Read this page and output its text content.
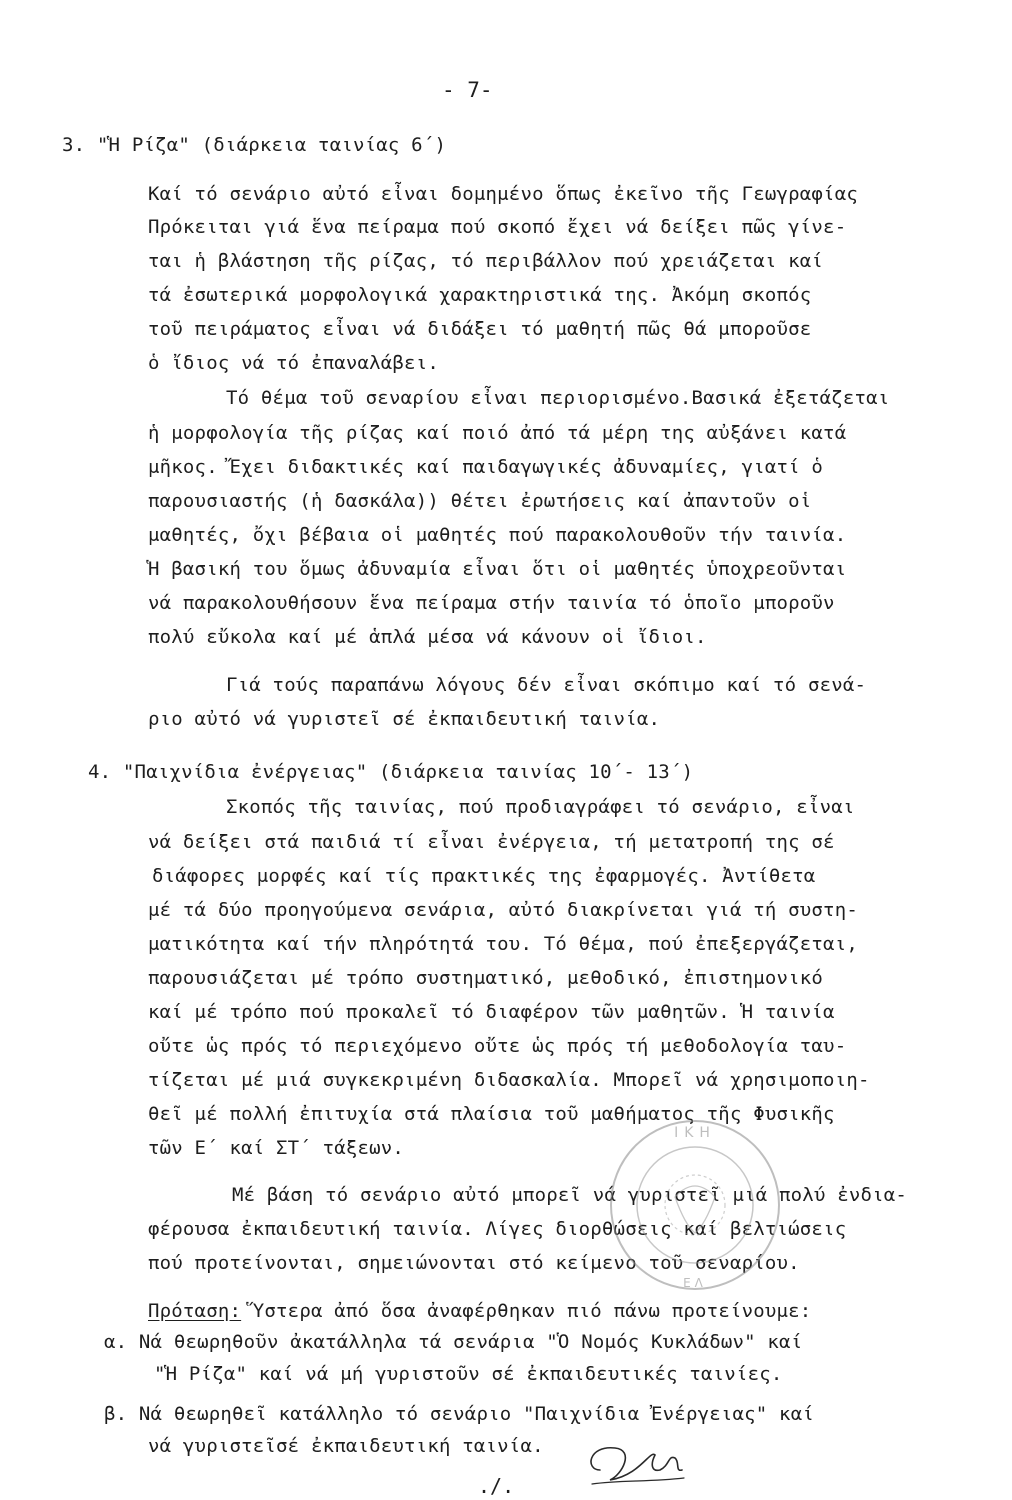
- 7-
3. "Ἡ Ρίζα" (διάρκεια ταινίας 6΄)
Καί τό σενάριο αὐτό εἶναι δομημένο ὅπως ἐκεῖνο τῆς Γεωγραφίας
Πρόκειται γιά ἕνα πείραμα πού σκοπό ἔχει νά δείξει πῶς γίνε-
ται ἡ βλάστηση τῆς ρίζας, τό περιβάλλον πού χρειάζεται καί
τά ἐσωτερικά μορφολογικά χαρακτηριστικά της. Ἀκόμη σκοπός
τοῦ πειράματος εἶναι νά διδάξει τό μαθητή πῶς θά μποροῦσε
ὁ ἴδιος νά τό ἐπαναλάβει.
Τό θέμα τοῦ σεναρίου εἶναι περιορισμένο.Βασικά ἐξετάζεται
ἡ μορφολογία τῆς ρίζας καί ποιό ἀπό τά μέρη της αὐξάνει κατά
μῆκος. Ἔχει διδακτικές καί παιδαγωγικές ἀδυναμίες, γιατί ὁ
παρουσιαστής (ἡ δασκάλα)) θέτει ἐρωτήσεις καί ἀπαντοῦν οἱ
μαθητές, ὄχι βέβαια οἱ μαθητές πού παρακολουθοῦν τήν ταινία.
Ἡ βασική του ὅμως ἀδυναμία εἶναι ὅτι οἱ μαθητές ὑποχρεοῦνται
νά παρακολουθήσουν ἕνα πείραμα στήν ταινία τό ὁποῖο μποροῦν
πολύ εὔκολα καί μέ ἁπλά μέσα νά κάνουν οἱ ἴδιοι.
Γιά τούς παραπάνω λόγους δέν εἶναι σκόπιμο καί τό σενά-
ριο αὐτό νά γυριστεῖ σέ ἐκπαιδευτική ταινία.
4. "Παιχνίδια ἐνέργειας" (διάρκεια ταινίας 10΄- 13΄)
Σκοπός τῆς ταινίας, πού προδιαγράφει τό σενάριο, εἶναι
νά δείξει στά παιδιά τί εἶναι ἐνέργεια, τή μετατροπή της σέ
διάφορες μορφές καί τίς πρακτικές της ἐφαρμογές. Ἀντίθετα
μέ τά δύο προηγούμενα σενάρια, αὐτό διακρίνεται γιά τή συστη-
ματικότητα καί τήν πληρότητά του. Τό θέμα, πού ἐπεξεργάζεται,
παρουσιάζεται μέ τρόπο συστηματικό, μεθοδικό, ἐπιστημονικό
καί μέ τρόπο πού προκαλεῖ τό διαφέρον τῶν μαθητῶν. Ἡ ταινία
οὔτε ὡς πρός τό περιεχόμενο οὔτε ὡς πρός τή μεθοδολογία ταυ-
τίζεται μέ μιά συγκεκριμένη διδασκαλία. Μπορεῖ νά χρησιμοποιη-
θεῖ μέ πολλή ἐπιτυχία στά πλαίσια τοῦ μαθήματος τῆς Φυσικῆς
τῶν Ε΄ καί ΣΤ΄ τάξεων.
Μέ βάση τό σενάριο αὐτό μπορεῖ νά γυριστεῖ μιά πολύ ἐνδια-
φέρουσα ἐκπαιδευτική ταινία. Λίγες διορθώσεις καί βελτιώσεις
πού προτείνονται, σημειώνονται στό κείμενο τοῦ σεναρίου.
Πρόταση: Ὕστερα ἀπό ὅσα ἀναφέρθηκαν πιό πάνω προτείνουμε:
α. Νά θεωρηθοῦν ἀκατάλληλα τά σενάρια "Ὁ Νομός Κυκλάδων" καί
"Ἡ Ρίζα" καί νά μή γυριστοῦν σέ ἐκπαιδευτικές ταινίες.
β. Νά θεωρηθεῖ κατάλληλο τό σενάριο "Παιχνίδια Ἐνέργειας" καί
νά γυριστεῖσέ ἐκπαιδευτική ταινία.
ΙΚΗ
ΕΛ
./.
